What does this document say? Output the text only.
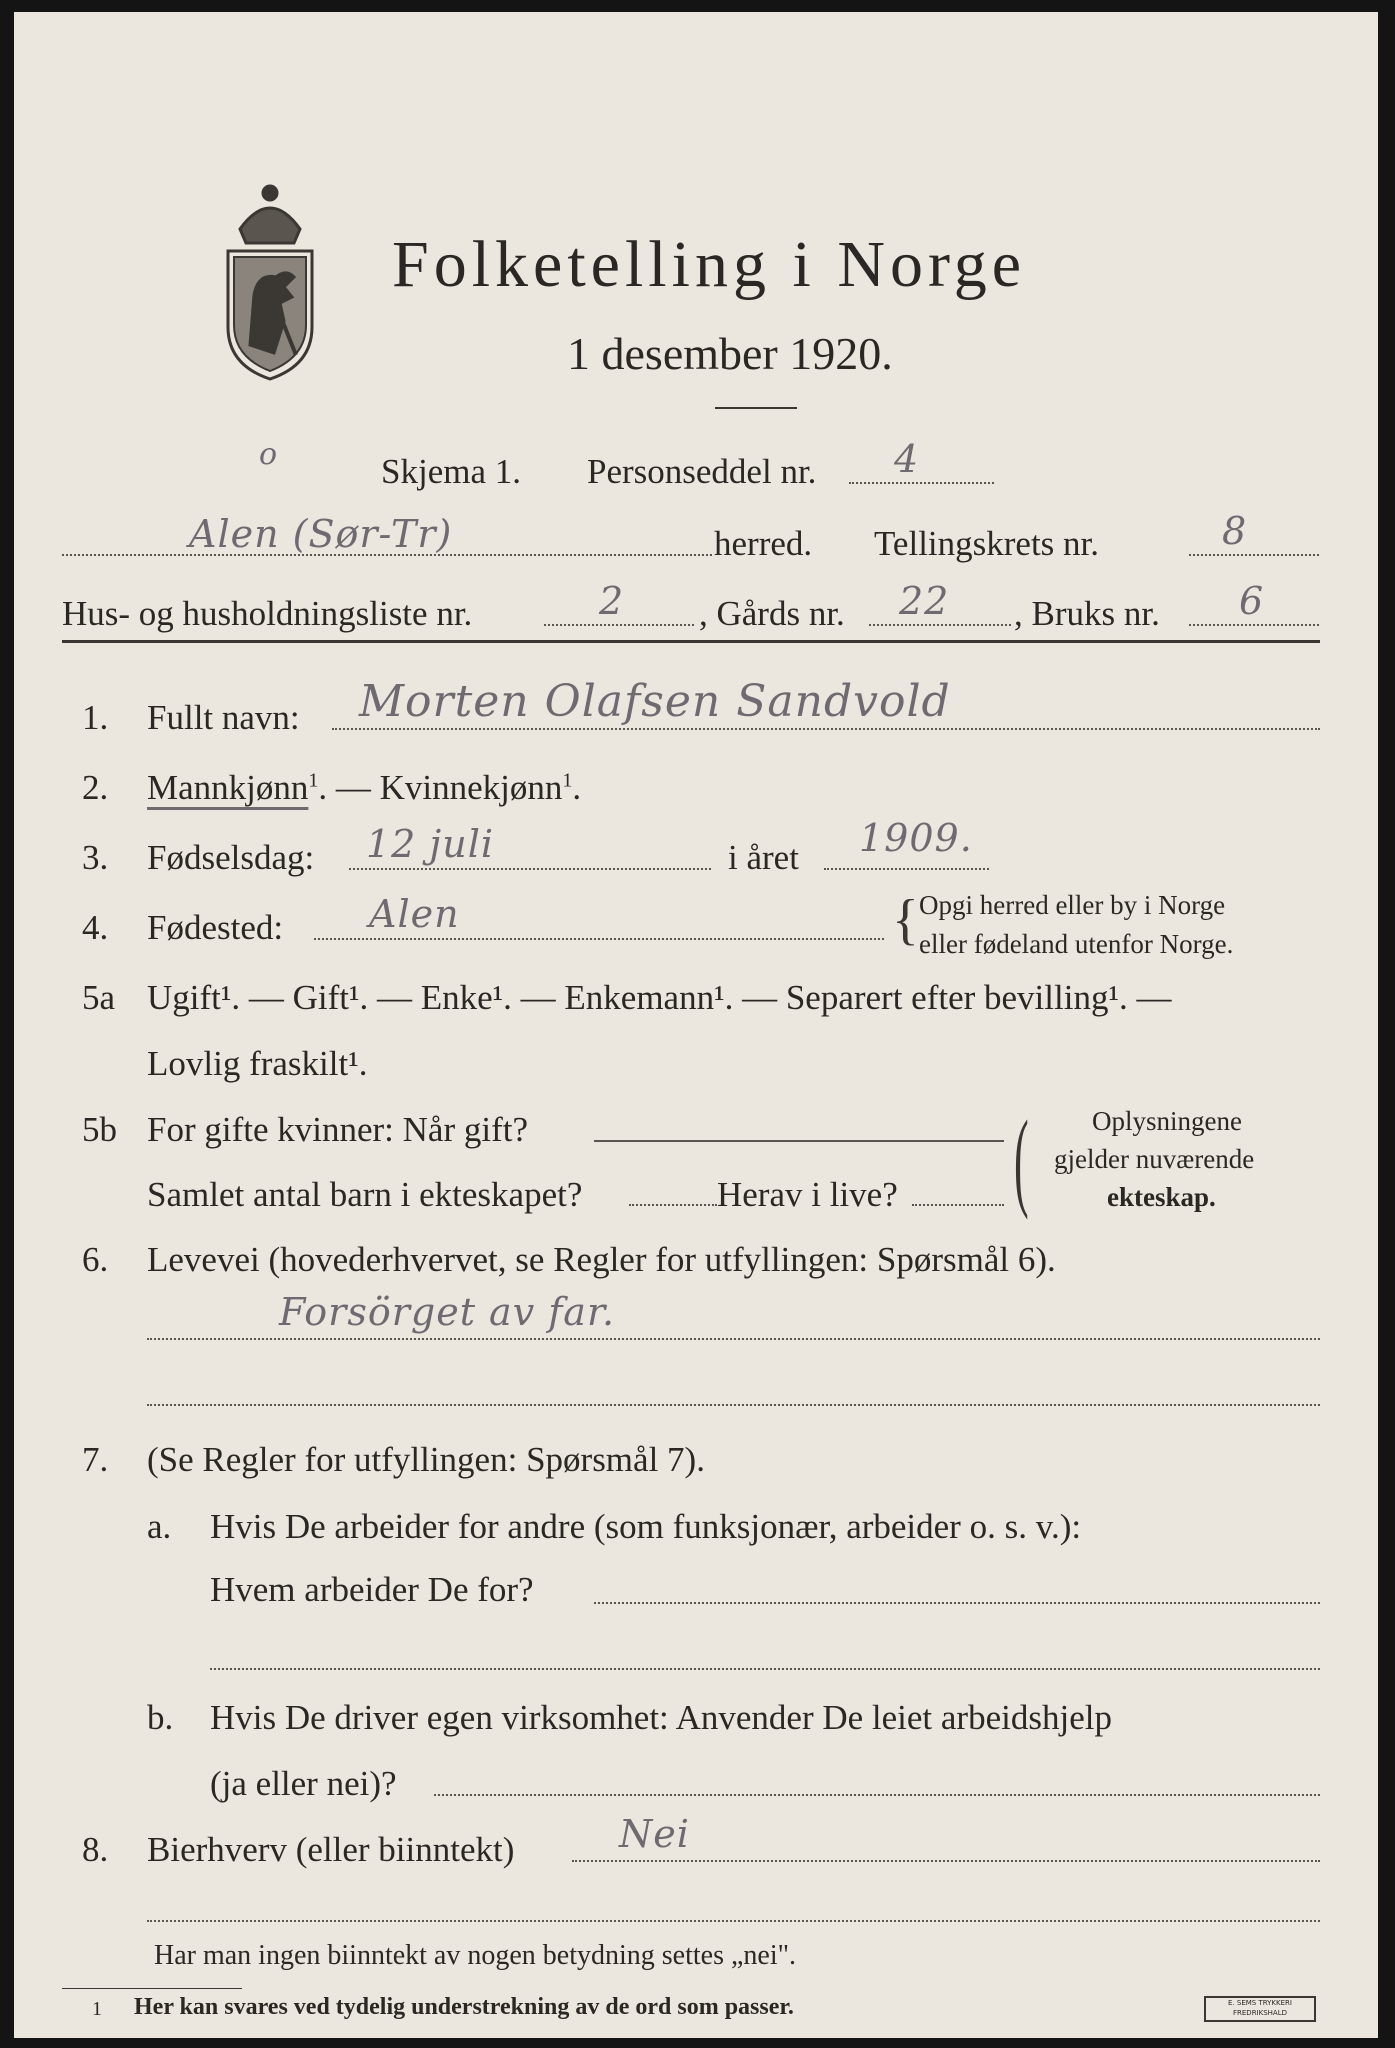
Folketelling i Norge
1 desember 1920.
o	Skjema 1. Personseddel nr. 4
Alen (Sør-Tr)	herred. Tellingskrets nr.	8
Hus- og husholdningsliste nr.	2 , Gårds nr. 22 , Bruks nr. 6
1. Fullt navn: Morten Olafsen Sandvold
2. Mannkjønn$^1$. — Kvinnekjønn$^1$.
3. Fødselsdag: 12 juli	i året 1909.
4. Fødested: Alen	{ Opgi herred eller by i Norge
eller fødeland utenfor Norge.
5a Ugift¹. — Gift¹. — Enke¹. — Enkemann¹. — Separert efter bevilling¹. —
Lovlig fraskilt¹.
5b For gifte kvinner: Når gift?
Samlet antal barn i ekteskapet?	Herav i live? ( Oplysningene
gjelder nuværende
ekteskap.
6. Levevei (hovederhvervet, se Regler for utfyllingen: Spørsmål 6).
Forsörget av far.
7. (Se Regler for utfyllingen: Spørsmål 7).
a. Hvis De arbeider for andre (som funksjonær, arbeider o. s. v.):
Hvem arbeider De for?
b. Hvis De driver egen virksomhet: Anvender De leiet arbeidshjelp
(ja eller nei)?
8. Bierhverv (eller biinntekt)	Nei
Har man ingen biinntekt av nogen betydning settes „nei".
1 Her kan svares ved tydelig understrekning av de ord som passer.	E. SEMS TRYKKERI
FREDRIKSHALD
